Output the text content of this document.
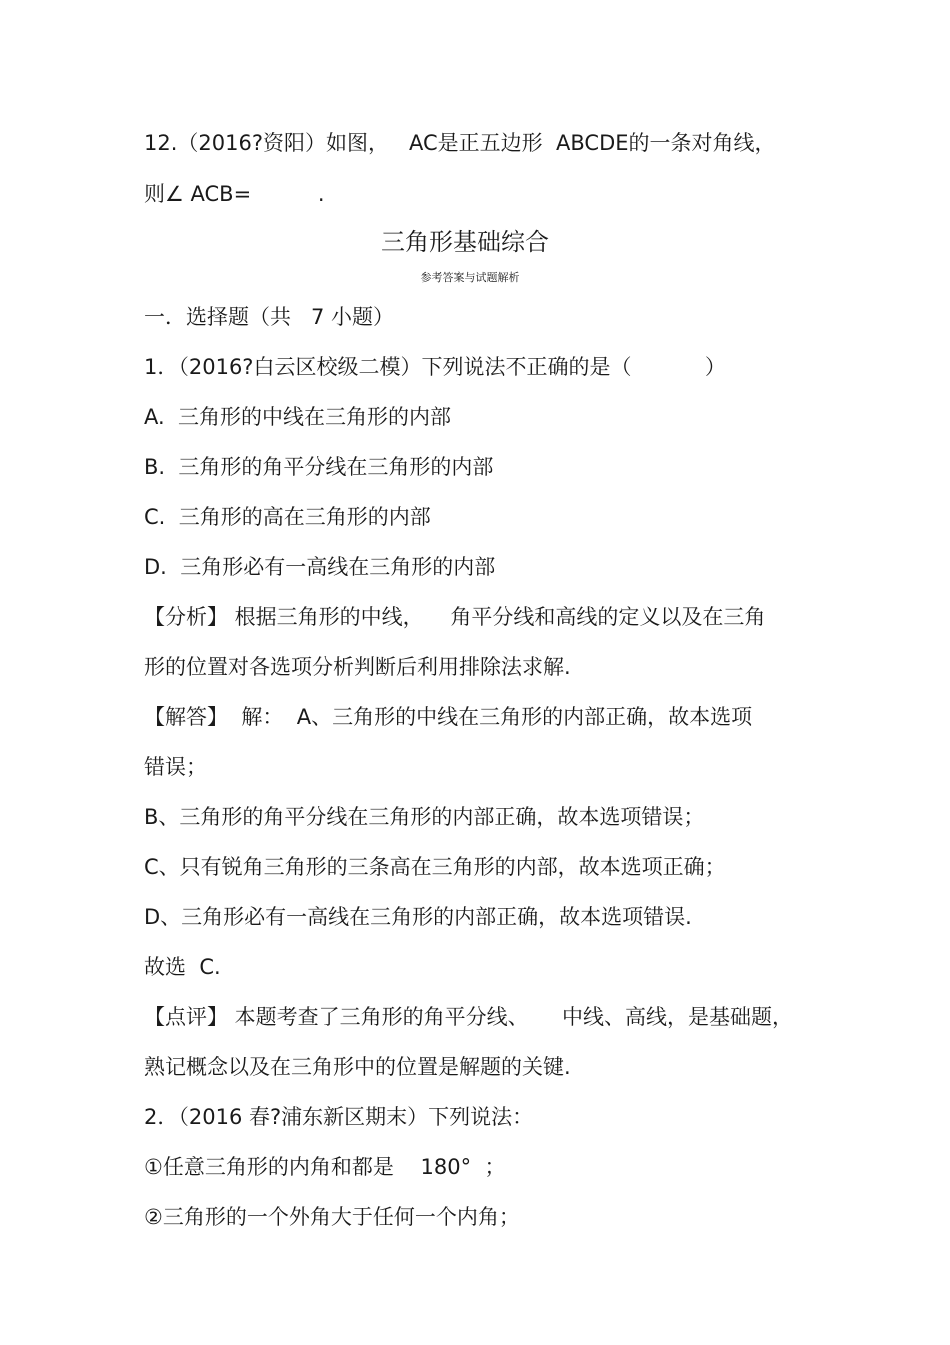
12.（2016?资阳）如图，   AC是正五边形  ABCDE的一条对角线，
则∠ ACB=          .
三角形基础综合
参考答案与试题解析
一．选择题（共   7 小题）
1．（2016?白云区校级二模）下列说法不正确的是（           ）
A.  三角形的中线在三角形的内部
B.  三角形的角平分线在三角形的内部
C.  三角形的高在三角形的内部
D.  三角形必有一高线在三角形的内部
【分析】 根据三角形的中线，    角平分线和高线的定义以及在三角
形的位置对各选项分析判断后利用排除法求解.
【解答】  解：  A、三角形的中线在三角形的内部正确，故本选项
错误；
B、三角形的角平分线在三角形的内部正确，故本选项错误；
C、只有锐角三角形的三条高在三角形的内部，故本选项正确；
D、三角形必有一高线在三角形的内部正确，故本选项错误.
故选  C.
【点评】 本题考查了三角形的角平分线、     中线、高线，是基础题，
熟记概念以及在三角形中的位置是解题的关键.
2．（2016 春?浦东新区期末）下列说法：
①任意三角形的内角和都是    180°  ；
②三角形的一个外角大于任何一个内角；
